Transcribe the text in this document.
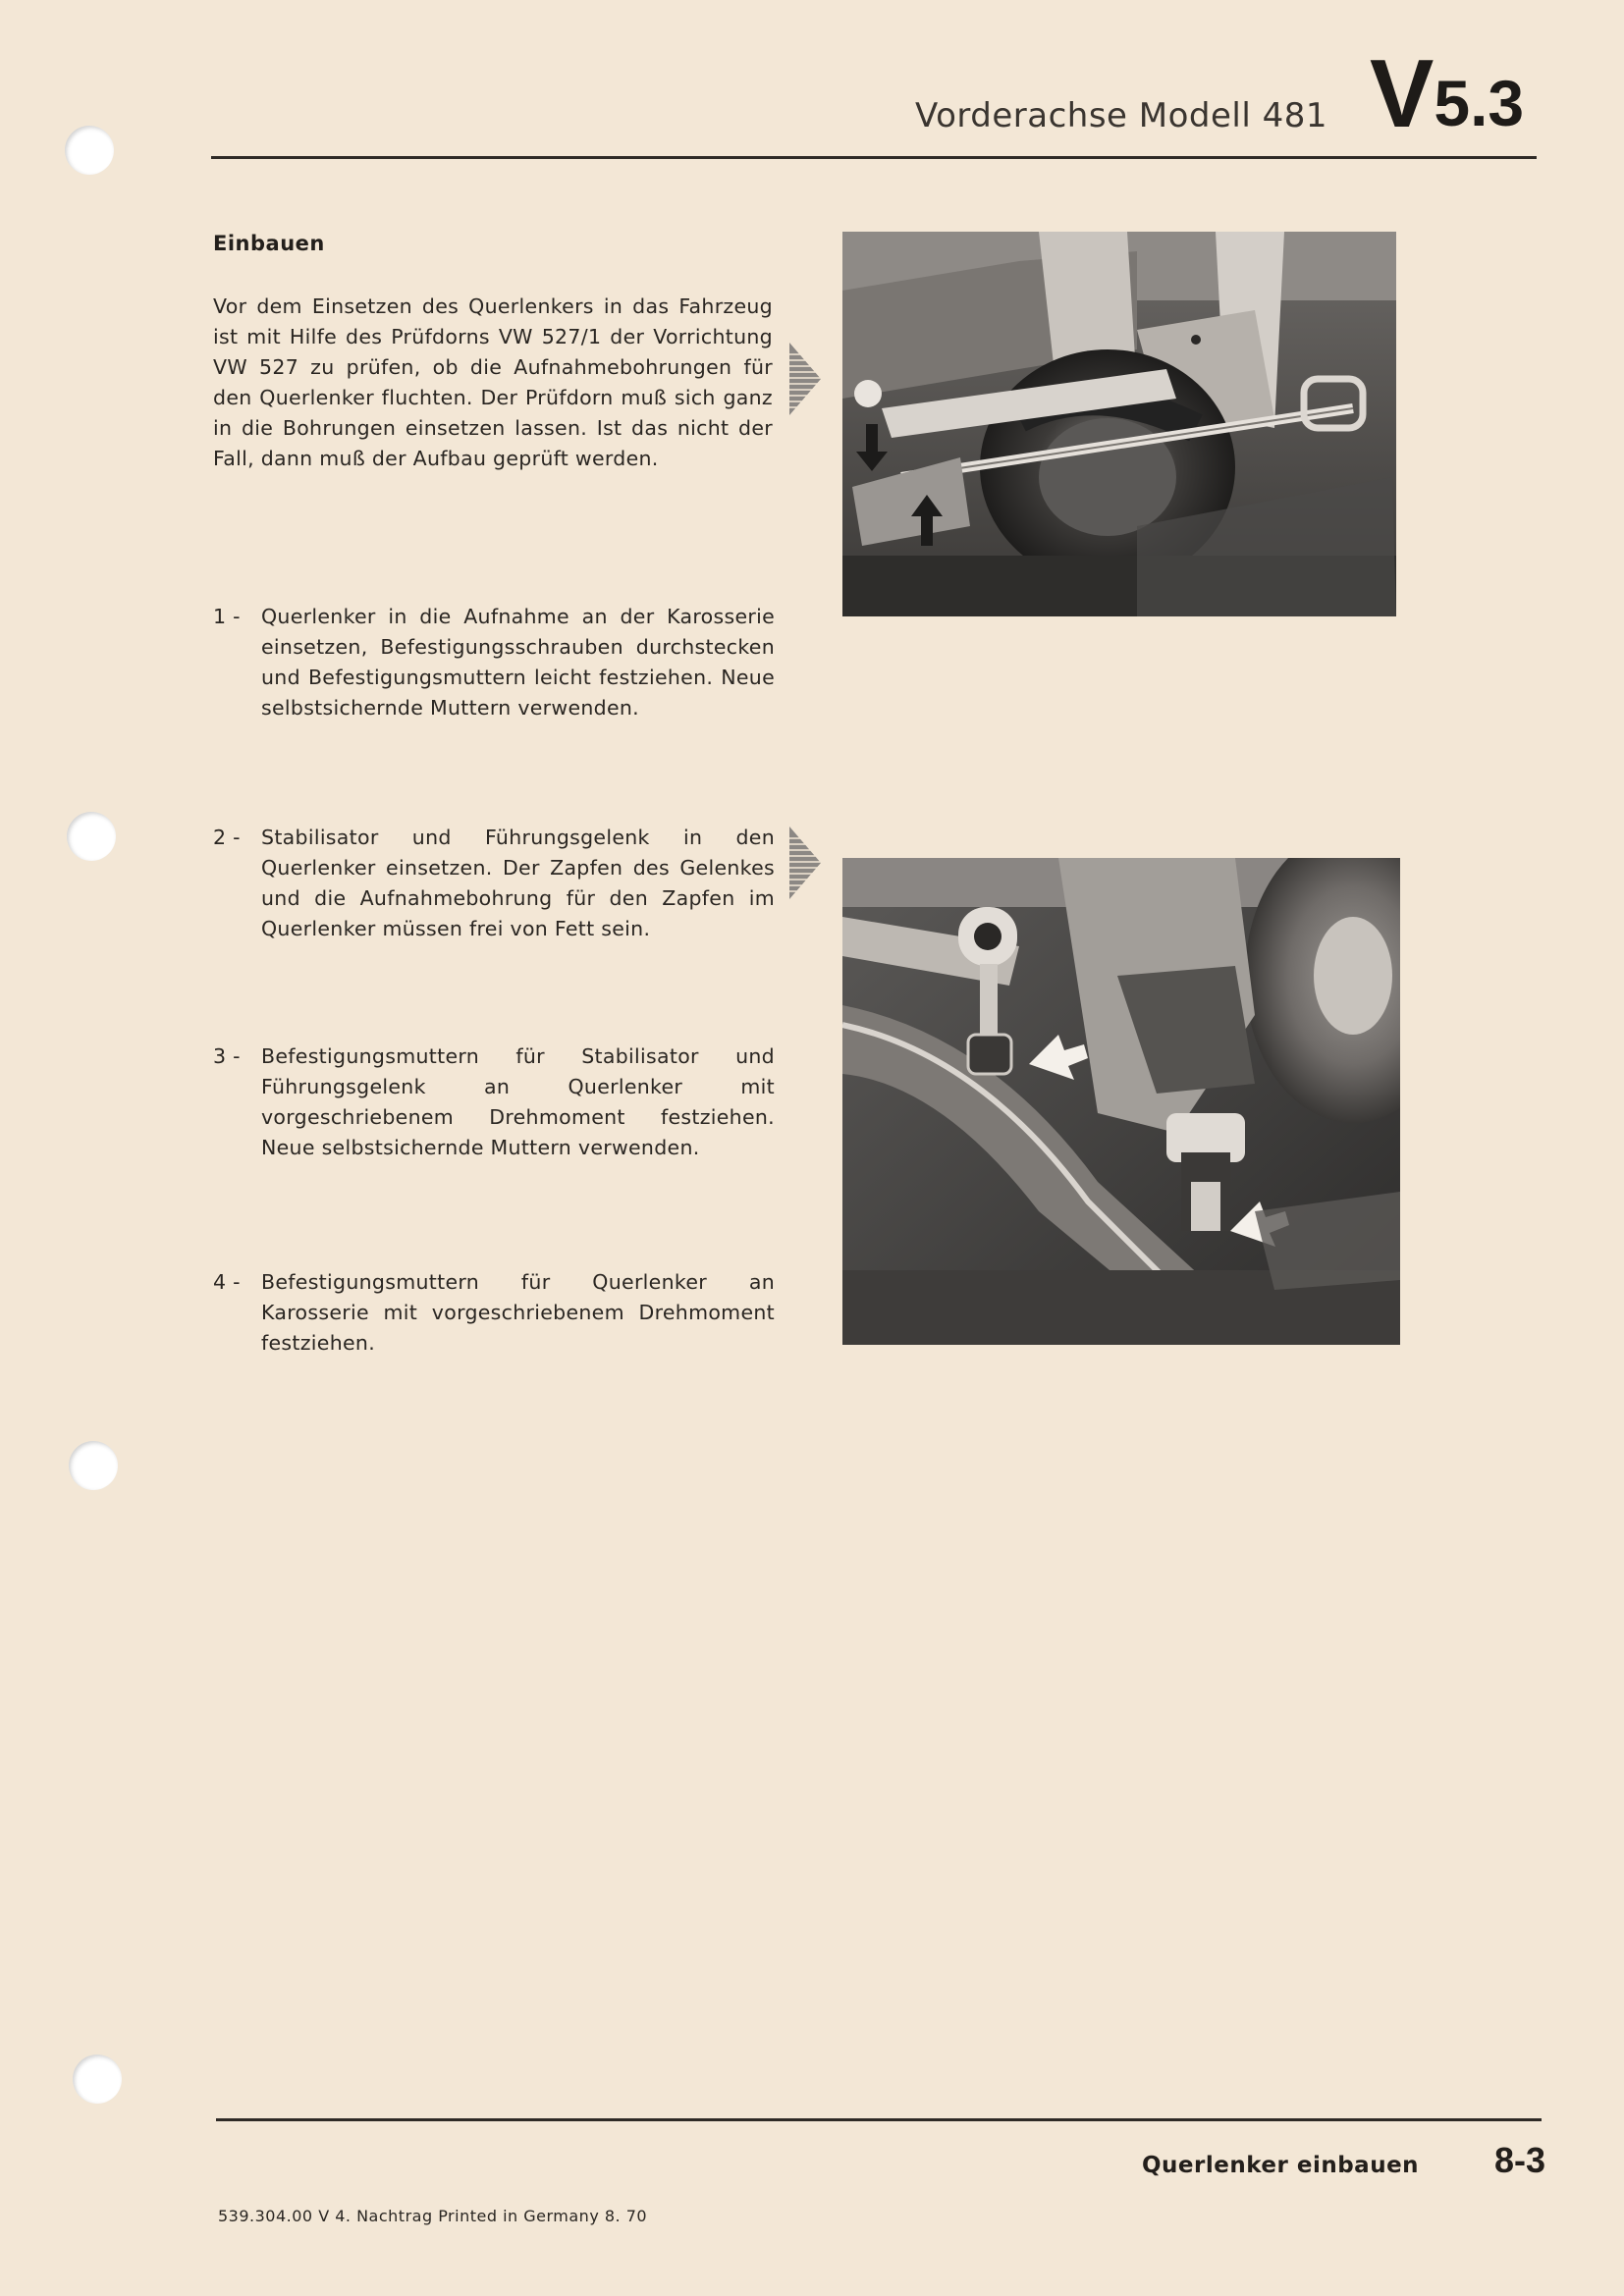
Vorderachse Modell 481 V5.3
Einbauen
Vor dem Einsetzen des Querlenkers in das Fahrzeug ist mit Hilfe des Prüfdorns VW 527/1 der Vorrichtung VW 527 zu prüfen, ob die Aufnahmebohrungen für den Querlenker fluchten. Der Prüfdorn muß sich ganz in die Bohrungen einsetzen lassen. Ist das nicht der Fall, dann muß der Aufbau geprüft werden.
1 -	Querlenker in die Aufnahme an der Karosserie einsetzen, Befestigungsschrauben durchstecken und Befestigungsmuttern leicht festziehen. Neue selbstsichernde Muttern verwenden.
2 -	Stabilisator und Führungsgelenk in den Querlenker einsetzen. Der Zapfen des Gelenkes und die Aufnahmebohrung für den Zapfen im Querlenker müssen frei von Fett sein.
3 -	Befestigungsmuttern für Stabilisator und Führungsgelenk an Querlenker mit vorgeschriebenem Drehmoment festziehen. Neue selbstsichernde Muttern verwenden.
4 -	Befestigungsmuttern für Querlenker an Karosserie mit vorgeschriebenem Drehmoment festziehen.
Querlenker einbauen 8-3
539.304.00 V 4. Nachtrag Printed in Germany 8. 70
